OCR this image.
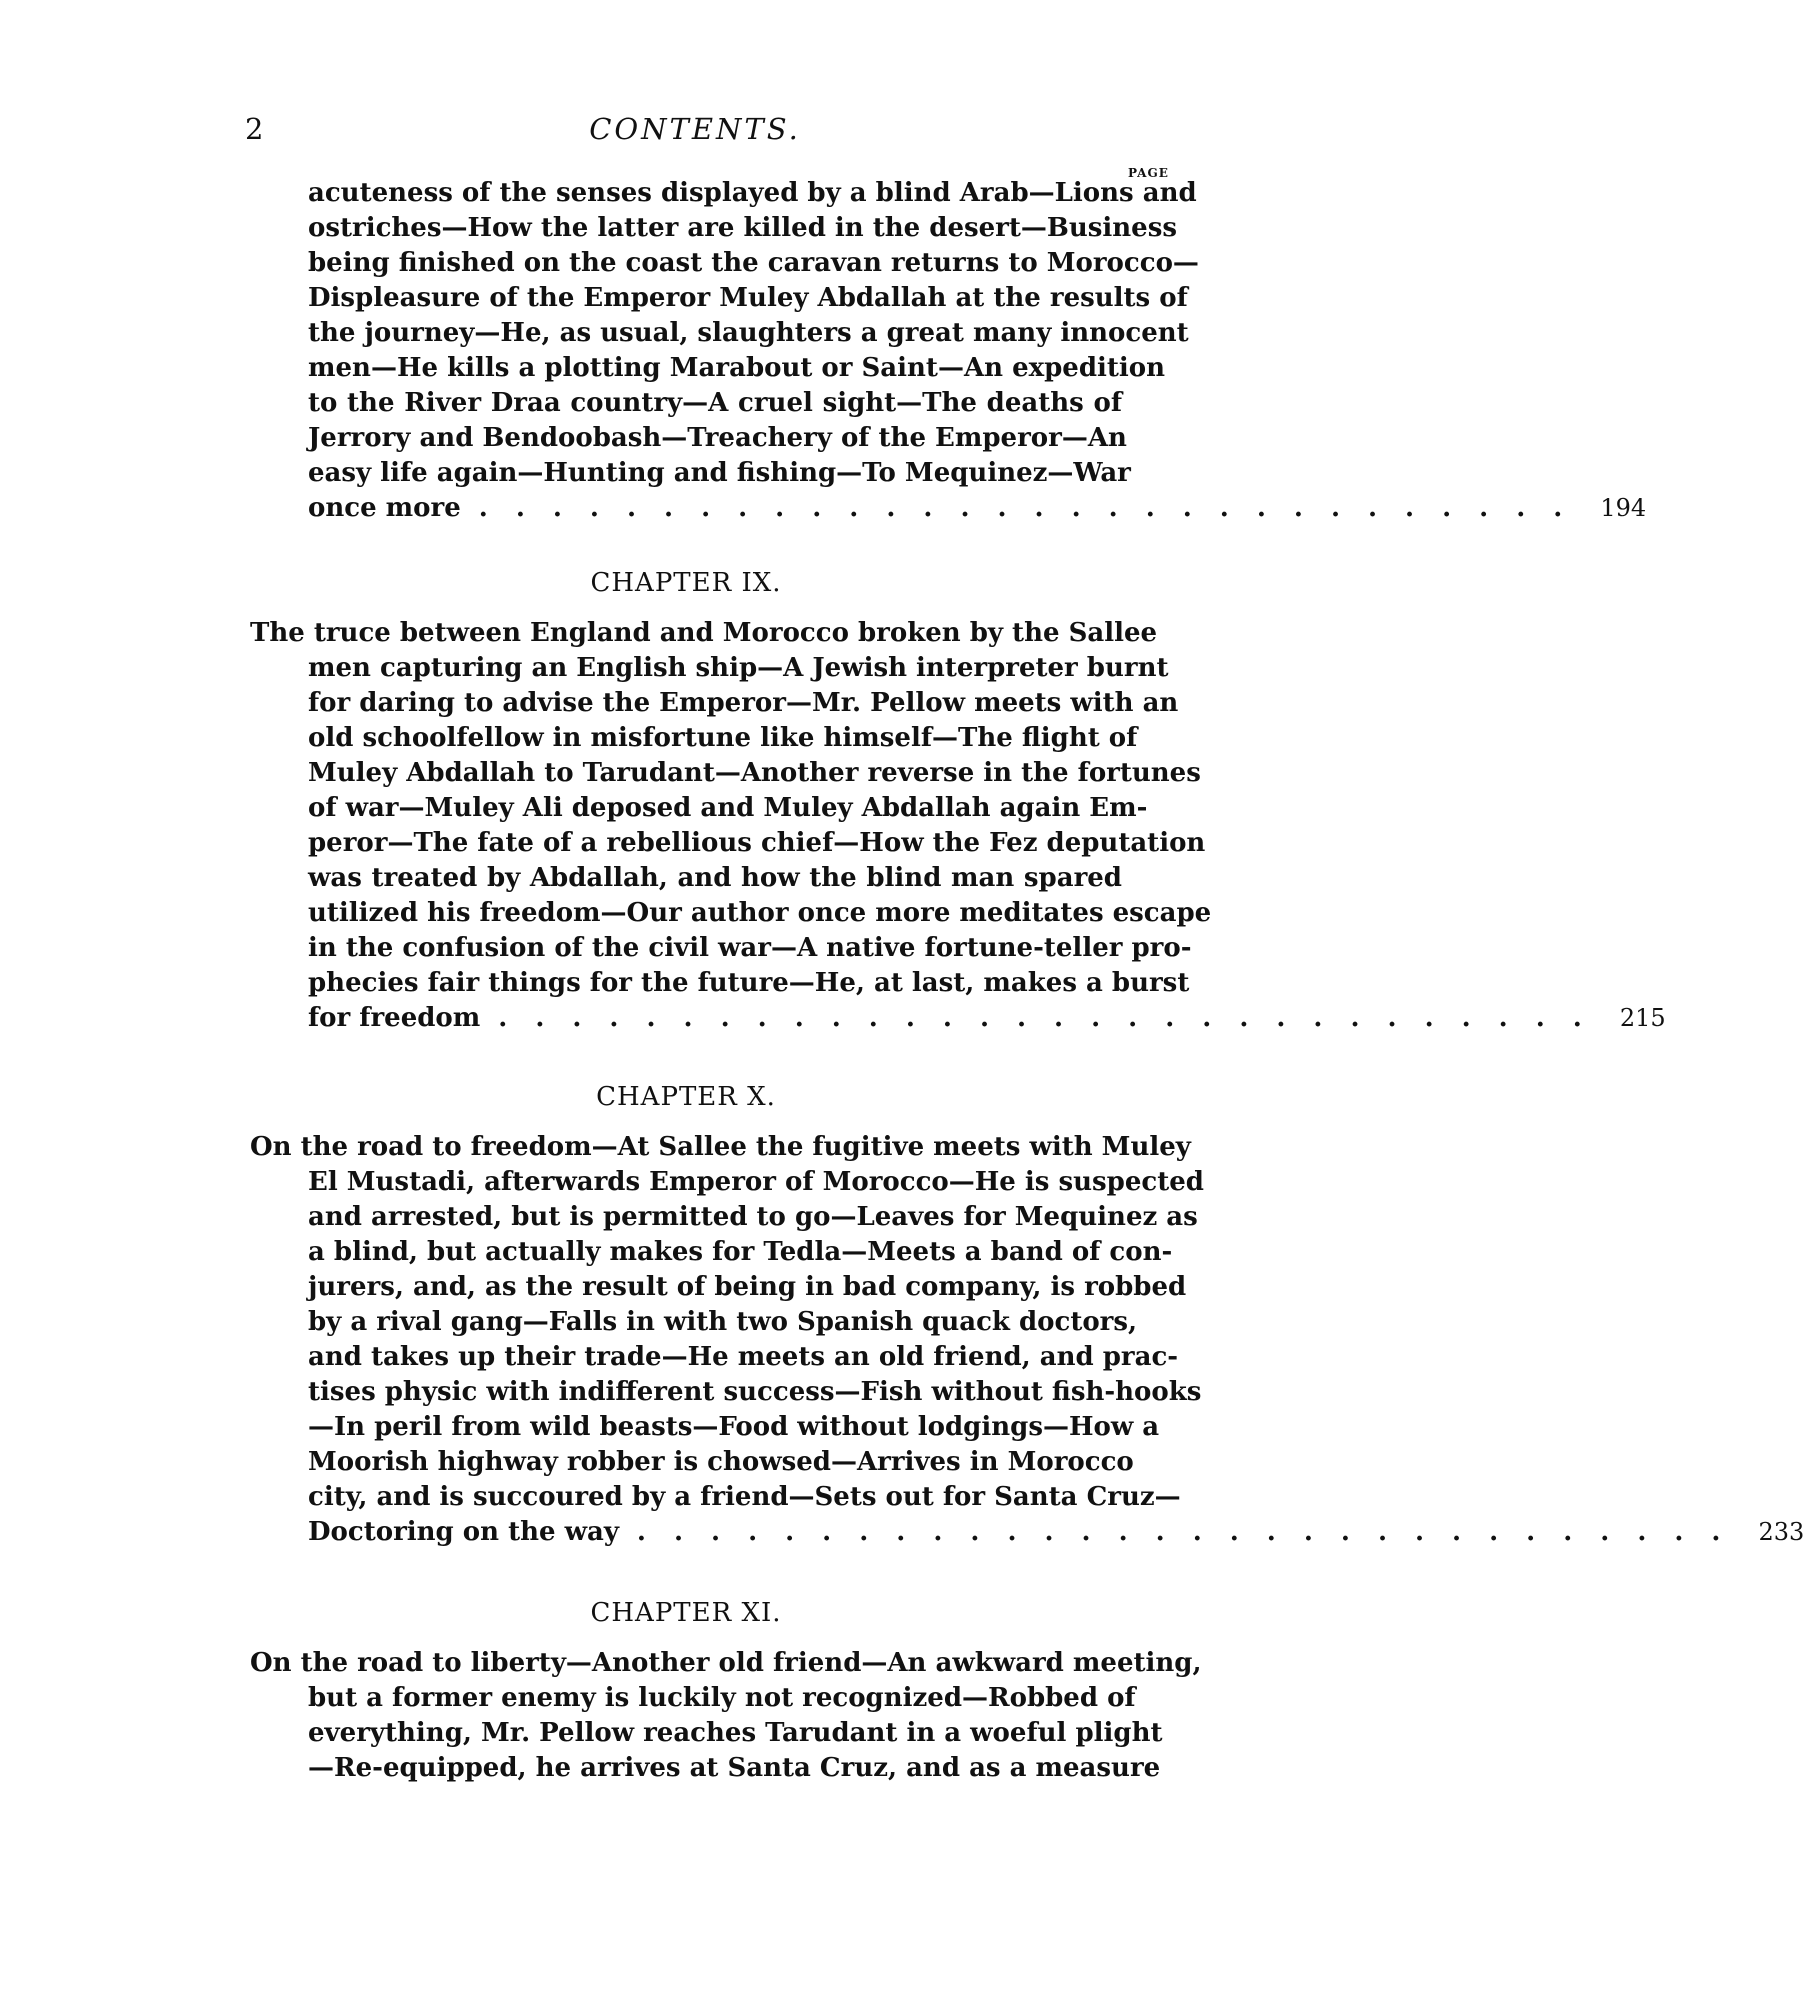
2	CONTENTS.
PAGE
acuteness of the senses displayed by a blind Arab—Lions and
ostriches—How the latter are killed in the desert—Business
being finished on the coast the caravan returns to Morocco—
Displeasure of the Emperor Muley Abdallah at the results of
the journey—He, as usual, slaughters a great many innocent
men—He kills a plotting Marabout or Saint—An expedition
to the River Draa country—A cruel sight—The deaths of
Jerrory and Bendoobash—Treachery of the Emperor—An
easy life again—Hunting and fishing—To Mequinez—War
once more .............................. 194
CHAPTER IX.
The truce between England and Morocco broken by the Sallee
men capturing an English ship—A Jewish interpreter burnt
for daring to advise the Emperor—Mr. Pellow meets with an
old schoolfellow in misfortune like himself—The flight of
Muley Abdallah to Tarudant—Another reverse in the fortunes
of war—Muley Ali deposed and Muley Abdallah again Em-
peror—The fate of a rebellious chief—How the Fez deputation
was treated by Abdallah, and how the blind man spared
utilized his freedom—Our author once more meditates escape
in the confusion of the civil war—A native fortune-teller pro-
phecies fair things for the future—He, at last, makes a burst
for freedom .............................. 215
CHAPTER X.
On the road to freedom—At Sallee the fugitive meets with Muley
El Mustadi, afterwards Emperor of Morocco—He is suspected
and arrested, but is permitted to go—Leaves for Mequinez as
a blind, but actually makes for Tedla—Meets a band of con-
jurers, and, as the result of being in bad company, is robbed
by a rival gang—Falls in with two Spanish quack doctors,
and takes up their trade—He meets an old friend, and prac-
tises physic with indifferent success—Fish without fish-hooks
—In peril from wild beasts—Food without lodgings—How a
Moorish highway robber is chowsed—Arrives in Morocco
city, and is succoured by a friend—Sets out for Santa Cruz—
Doctoring on the way .............................. 233
CHAPTER XI.
On the road to liberty—Another old friend—An awkward meeting,
but a former enemy is luckily not recognized—Robbed of
everything, Mr. Pellow reaches Tarudant in a woeful plight
—Re-equipped, he arrives at Santa Cruz, and as a measure
